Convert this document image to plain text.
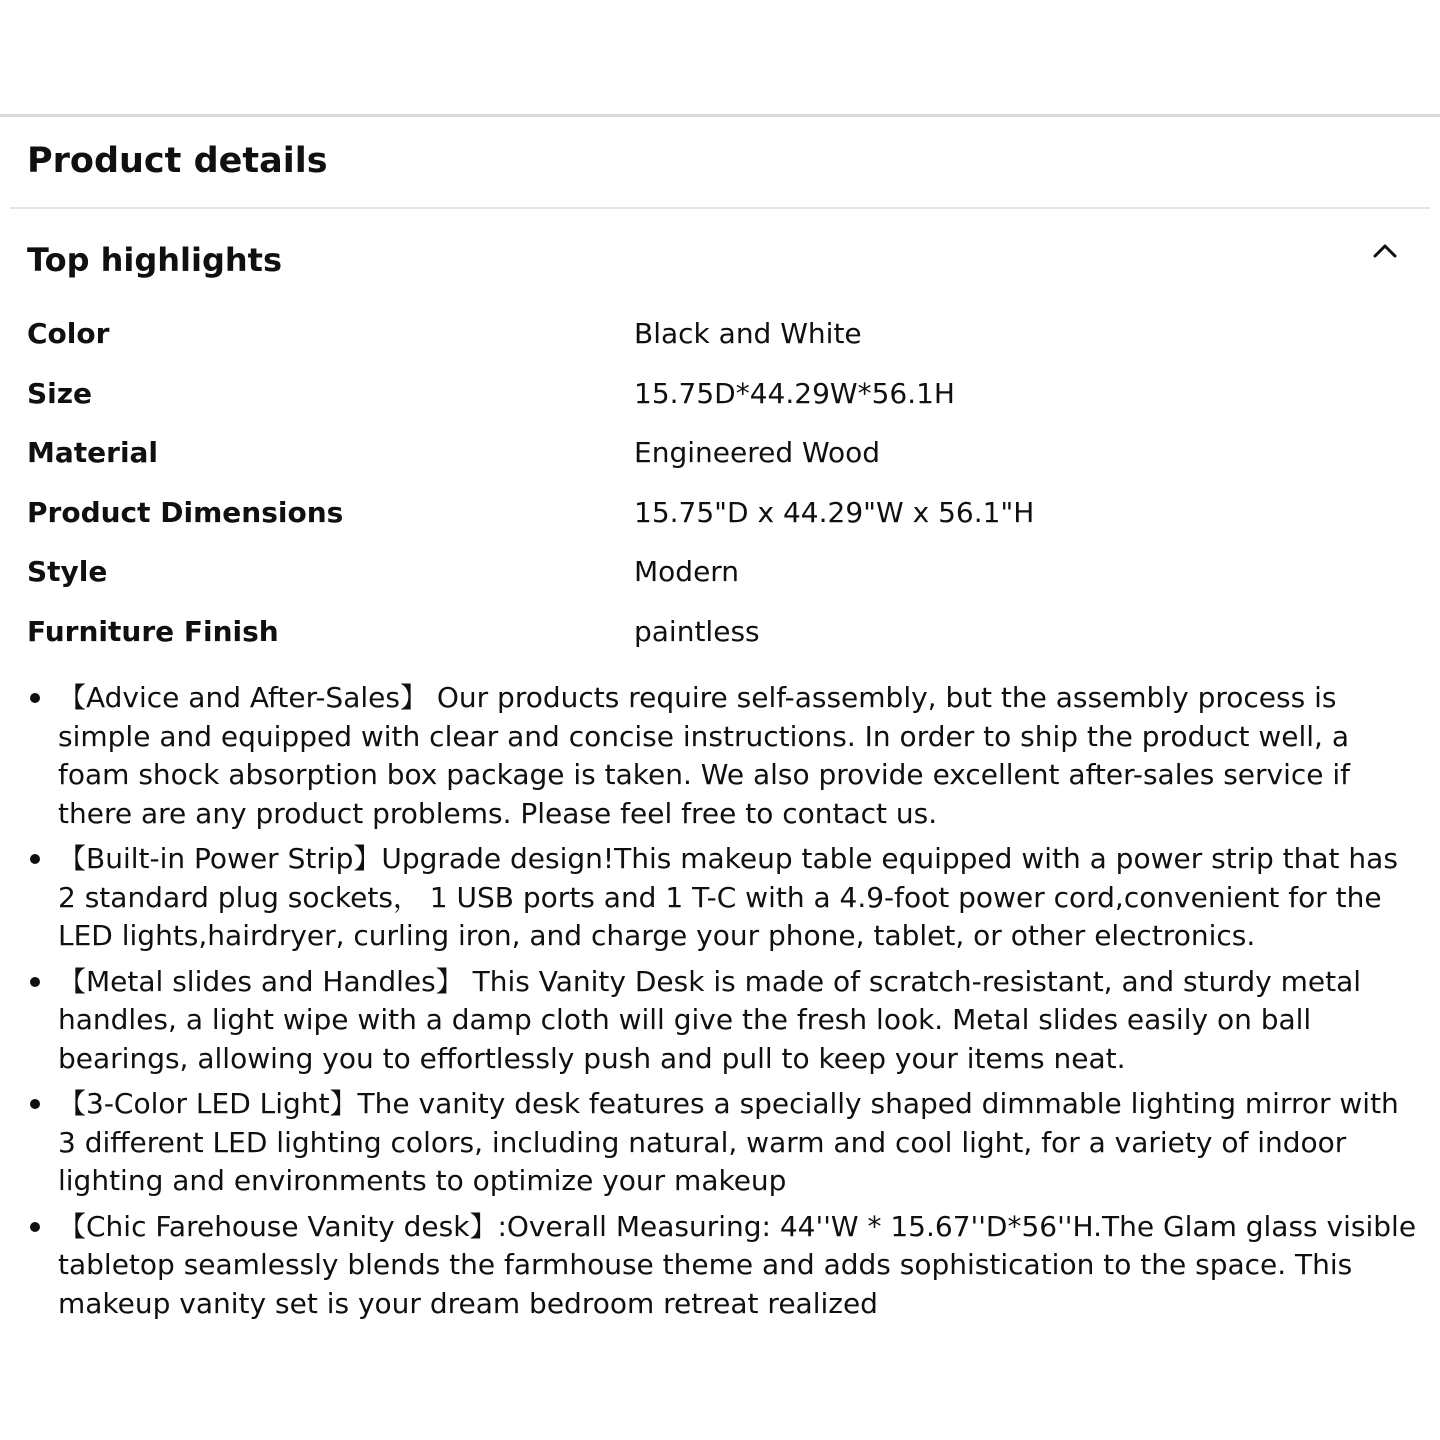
Product details
Top highlights
Color	Black and White
Size	15.75D*44.29W*56.1H
Material	Engineered Wood
Product Dimensions	15.75"D x 44.29"W x 56.1"H
Style	Modern
Furniture Finish	paintless
【Advice and After-Sales】 Our products require self-assembly, but the assembly process is simple and equipped with clear and concise instructions. In order to ship the product well, a foam shock absorption box package is taken. We also provide excellent after-sales service if there are any product problems. Please feel free to contact us.
【Built-in Power Strip】Upgrade design!This makeup table equipped with a power strip that has 2 standard plug sockets， 1 USB ports and 1 T-C with a 4.9-foot power cord,convenient for the LED lights,hairdryer, curling iron, and charge your phone, tablet, or other electronics.
【Metal slides and Handles】 This Vanity Desk is made of scratch-resistant, and sturdy metal handles, a light wipe with a damp cloth will give the fresh look. Metal slides easily on ball bearings, allowing you to effortlessly push and pull to keep your items neat.
【3-Color LED Light】The vanity desk features a specially shaped dimmable lighting mirror with 3 different LED lighting colors, including natural, warm and cool light, for a variety of indoor lighting and environments to optimize your makeup
【Chic Farehouse Vanity desk】:Overall Measuring: 44''W * 15.67''D*56''H.The Glam glass visible tabletop seamlessly blends the farmhouse theme and adds sophistication to the space. This makeup vanity set is your dream bedroom retreat realized
